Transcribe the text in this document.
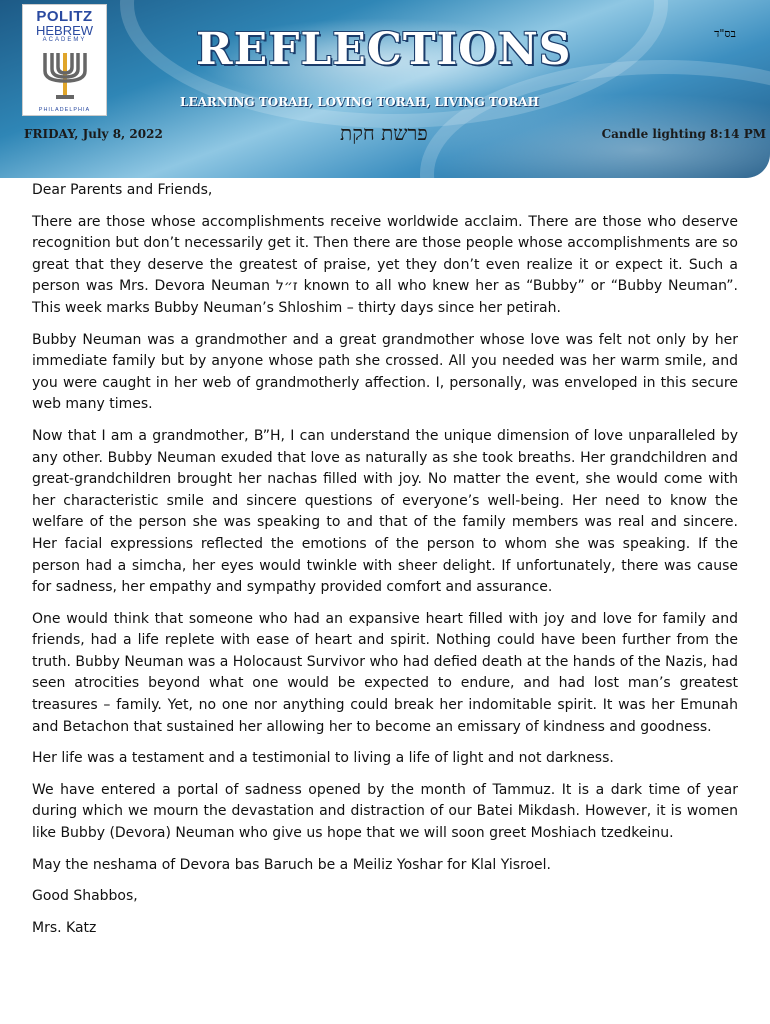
POLITZ
HEBREW
ACADEMY
PHILADELPHIA
REFLECTIONS	בס"ד
LEARNING TORAH, LOVING TORAH, LIVING TORAH
FRIDAY, July 8, 2022	פרשת חקת	Candle lighting 8:14 PM

Dear Parents and Friends,

There are those whose accomplishments receive worldwide acclaim. There are those who deserve recognition but don’t necessarily get it. Then there are those people whose accomplishments are so great that they deserve the greatest of praise, yet they don’t even realize it or expect it. Such a person was Mrs. Devora Neuman ז״ל known to all who knew her as “Bubby” or “Bubby Neuman”. This week marks Bubby Neuman’s Shloshim – thirty days since her petirah.

Bubby Neuman was a grandmother and a great grandmother whose love was felt not only by her immediate family but by anyone whose path she crossed. All you needed was her warm smile, and you were caught in her web of grandmotherly affection. I, personally, was enveloped in this secure web many times.

Now that I am a grandmother, B”H, I can understand the unique dimension of love unparalleled by any other. Bubby Neuman exuded that love as naturally as she took breaths. Her grandchildren and great-grandchildren brought her nachas filled with joy. No matter the event, she would come with her characteristic smile and sincere questions of everyone’s well-being. Her need to know the welfare of the person she was speaking to and that of the family members was real and sincere. Her facial expressions reflected the emotions of the person to whom she was speaking. If the person had a simcha, her eyes would twinkle with sheer delight. If unfortunately, there was cause for sadness, her empathy and sympathy provided comfort and assurance.

One would think that someone who had an expansive heart filled with joy and love for family and friends, had a life replete with ease of heart and spirit. Nothing could have been further from the truth. Bubby Neuman was a Holocaust Survivor who had defied death at the hands of the Nazis, had seen atrocities beyond what one would be expected to endure, and had lost man’s greatest treasures – family. Yet, no one nor anything could break her indomitable spirit. It was her Emunah and Betachon that sustained her allowing her to become an emissary of kindness and goodness.

Her life was a testament and a testimonial to living a life of light and not darkness.

We have entered a portal of sadness opened by the month of Tammuz. It is a dark time of year during which we mourn the devastation and distraction of our Batei Mikdash. However, it is women like Bubby (Devora) Neuman who give us hope that we will soon greet Moshiach tzedkeinu.

May the neshama of Devora bas Baruch be a Meiliz Yoshar for Klal Yisroel.

Good Shabbos,

Mrs. Katz
